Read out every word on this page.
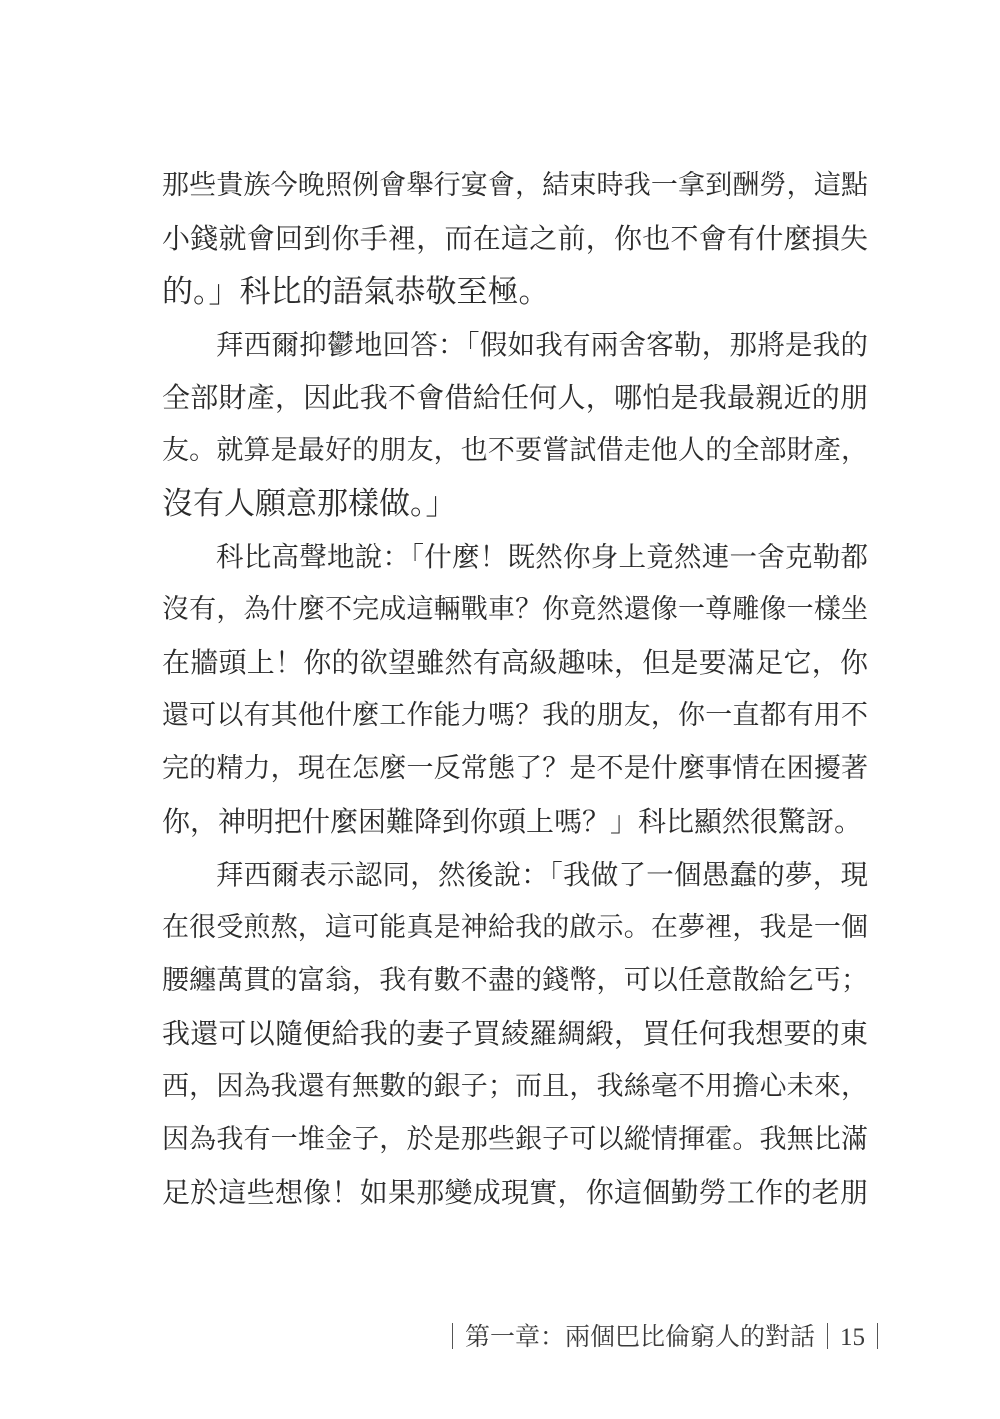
那些貴族今晚照例會舉行宴會，結束時我一拿到酬勞，這點
小錢就會回到你手裡，而在這之前，你也不會有什麼損失
的。」科比的語氣恭敬至極。
拜西爾抑鬱地回答：「假如我有兩舍客勒，那將是我的
全部財產，因此我不會借給任何人，哪怕是我最親近的朋
友。就算是最好的朋友，也不要嘗試借走他人的全部財產，
沒有人願意那樣做。」
科比高聲地說：「什麼！既然你身上竟然連一舍克勒都
沒有，為什麼不完成這輛戰車？你竟然還像一尊雕像一樣坐
在牆頭上！你的欲望雖然有高級趣味，但是要滿足它，你
還可以有其他什麼工作能力嗎？我的朋友，你一直都有用不
完的精力，現在怎麼一反常態了？是不是什麼事情在困擾著
你，神明把什麼困難降到你頭上嗎？」科比顯然很驚訝。
拜西爾表示認同，然後說：「我做了一個愚蠢的夢，現
在很受煎熬，這可能真是神給我的啟示。在夢裡，我是一個
腰纏萬貫的富翁，我有數不盡的錢幣，可以任意散給乞丐；
我還可以隨便給我的妻子買綾羅綢緞，買任何我想要的東
西，因為我還有無數的銀子；而且，我絲毫不用擔心未來，
因為我有一堆金子，於是那些銀子可以縱情揮霍。我無比滿
足於這些想像！如果那變成現實，你這個勤勞工作的老朋
第一章：兩個巴比倫窮人的對話 15
